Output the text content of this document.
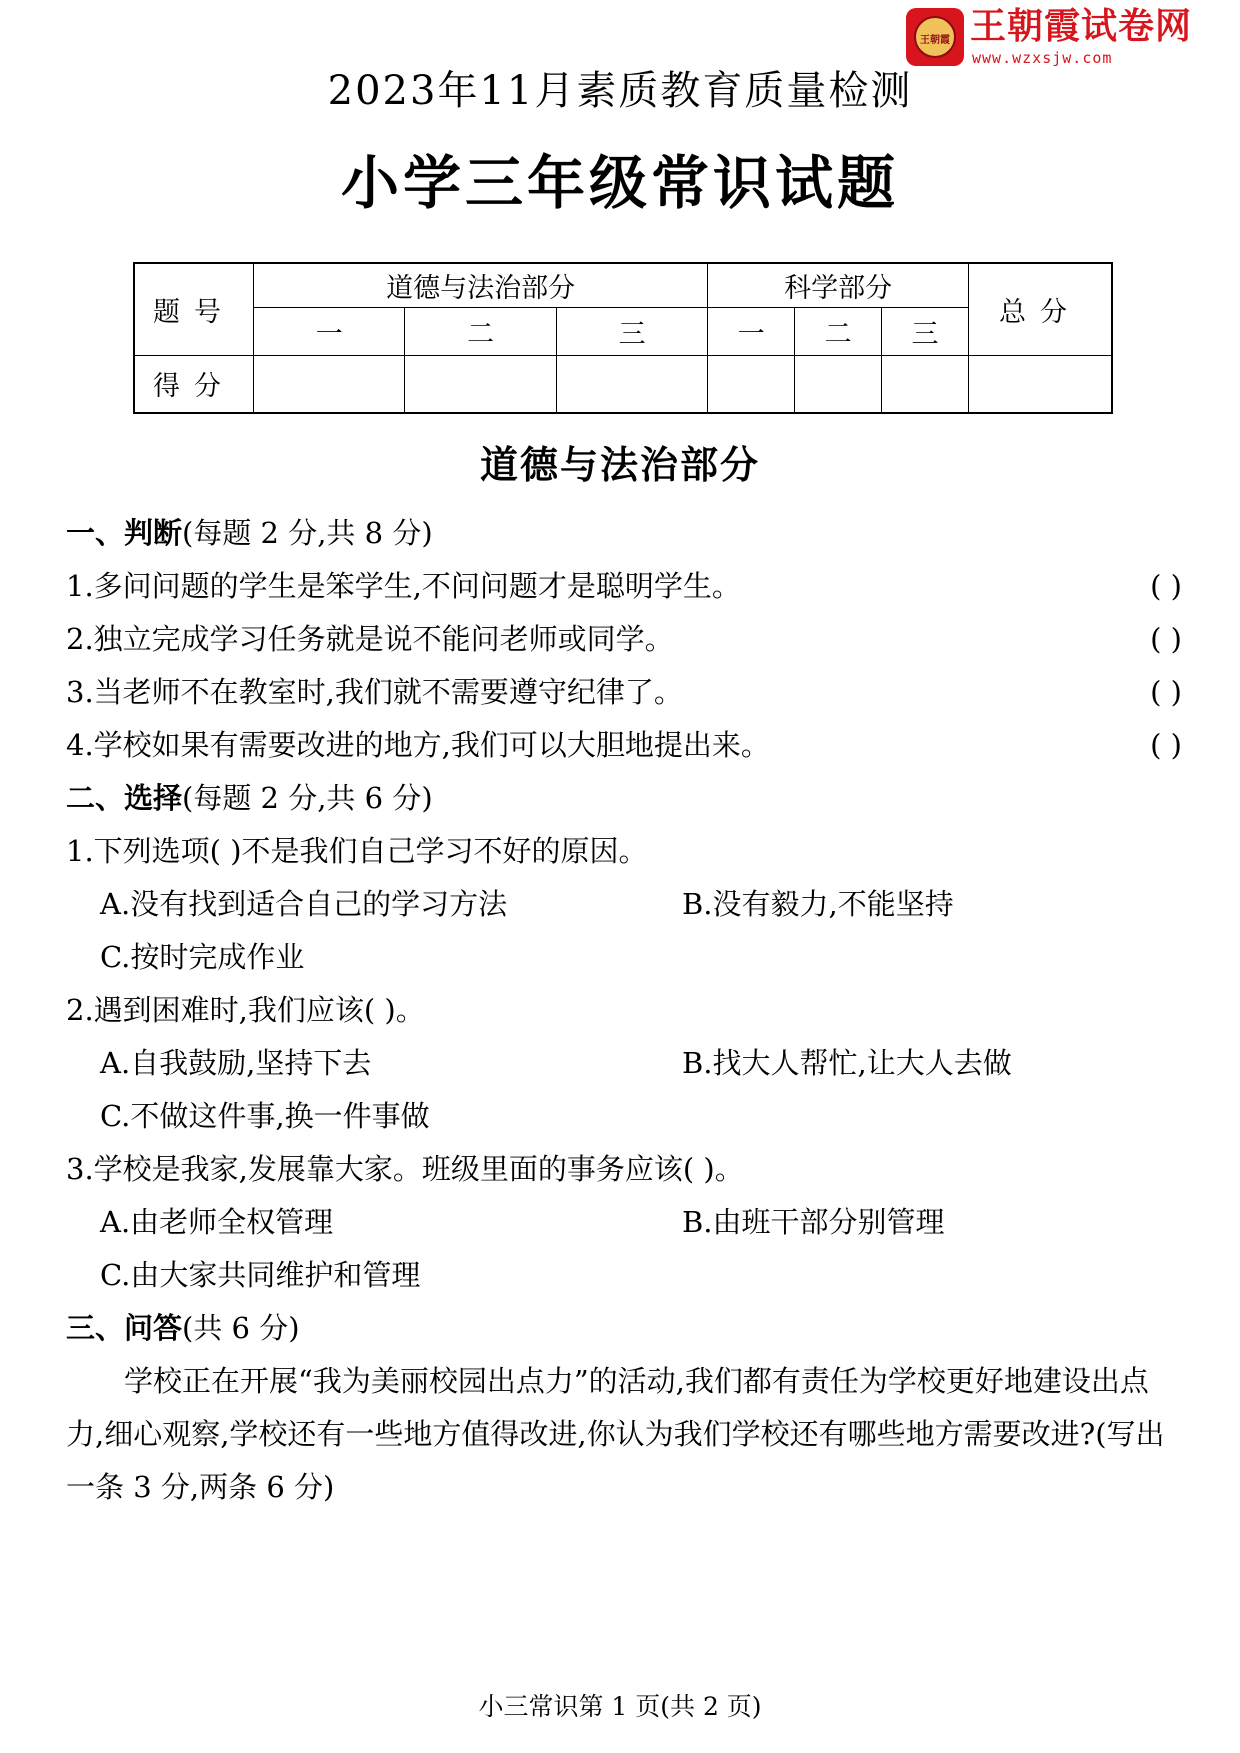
王朝霞 王朝霞试卷网
www.wzxsjw.com
2023年11月素质教育质量检测
小学三年级常识试题
题号	道德与法治部分			科学部分			总分
	一	二	三	一	二	三	
得分							
道德与法治部分
一、判断(每题 2 分,共 8 分)
1.多问问题的学生是笨学生,不问问题才是聪明学生。	( )
2.独立完成学习任务就是说不能问老师或同学。	( )
3.当老师不在教室时,我们就不需要遵守纪律了。	( )
4.学校如果有需要改进的地方,我们可以大胆地提出来。	( )
二、选择(每题 2 分,共 6 分)
1.下列选项( )不是我们自己学习不好的原因。
A.没有找到适合自己的学习方法	B.没有毅力,不能坚持
C.按时完成作业
2.遇到困难时,我们应该( )。
A.自我鼓励,坚持下去	B.找大人帮忙,让大人去做
C.不做这件事,换一件事做
3.学校是我家,发展靠大家。班级里面的事务应该( )。
A.由老师全权管理	B.由班干部分别管理
C.由大家共同维护和管理
三、问答(共 6 分)

学校正在开展“我为美丽校园出点力”的活动,我们都有责任为学校更好地建设出点力,细心观察,学校还有一些地方值得改进,你认为我们学校还有哪些地方需要改进?(写出一条 3 分,两条 6 分)

小三常识第 1 页(共 2 页)
